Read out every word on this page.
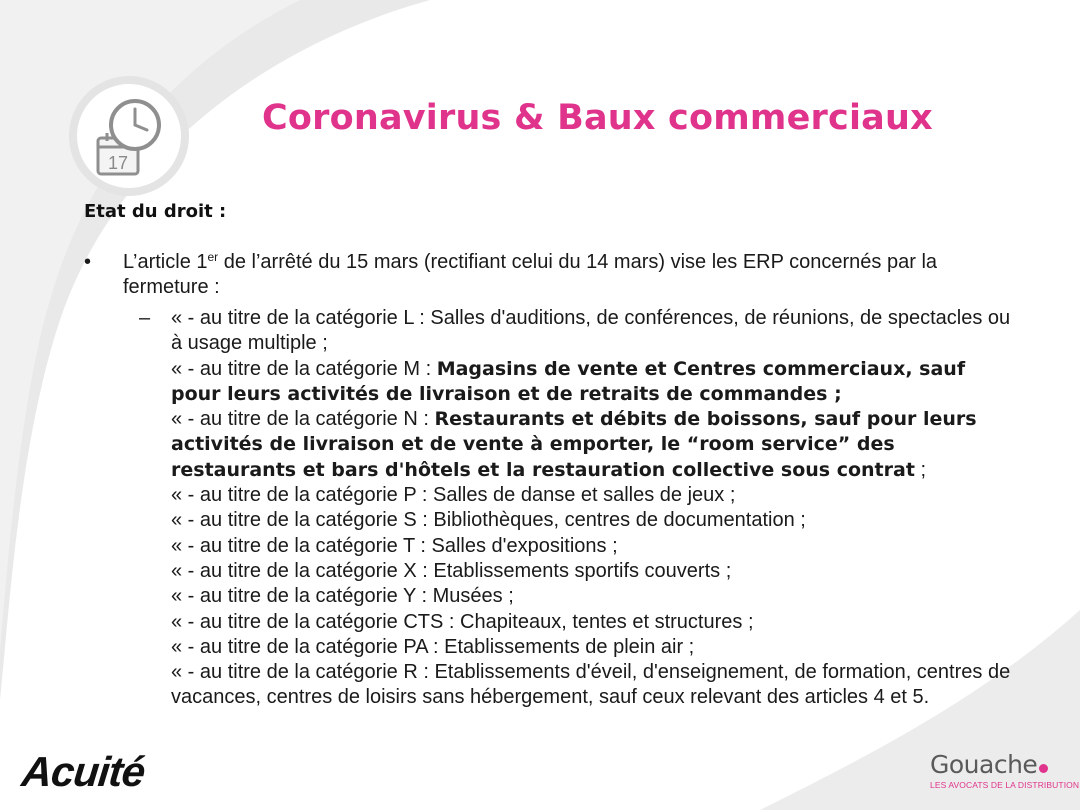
17
Coronavirus & Baux commerciaux
Etat du droit :
• L’article 1er de l’arrêté du 15 mars (rectifiant celui du 14 mars) vise les ERP concernés par la fermeture :
– « - au titre de la catégorie L : Salles d'auditions, de conférences, de réunions, de spectacles ou à usage multiple ;

« - au titre de la catégorie M : Magasins de vente et Centres commerciaux, sauf pour leurs activités de livraison et de retraits de commandes ;

« - au titre de la catégorie N : Restaurants et débits de boissons, sauf pour leurs activités de livraison et de vente à emporter, le “room service” des restaurants et bars d'hôtels et la restauration collective sous contrat ;

« - au titre de la catégorie P : Salles de danse et salles de jeux ;

« - au titre de la catégorie S : Bibliothèques, centres de documentation ;

« - au titre de la catégorie T : Salles d'expositions ;

« - au titre de la catégorie X : Etablissements sportifs couverts ;

« - au titre de la catégorie Y : Musées ;

« - au titre de la catégorie CTS : Chapiteaux, tentes et structures ;

« - au titre de la catégorie PA : Etablissements de plein air ;

« - au titre de la catégorie R : Etablissements d'éveil, d'enseignement, de formation, centres de vacances, centres de loisirs sans hébergement, sauf ceux relevant des articles 4 et 5.

Acuité	Gouache
LES AVOCATS DE LA DISTRIBUTION
